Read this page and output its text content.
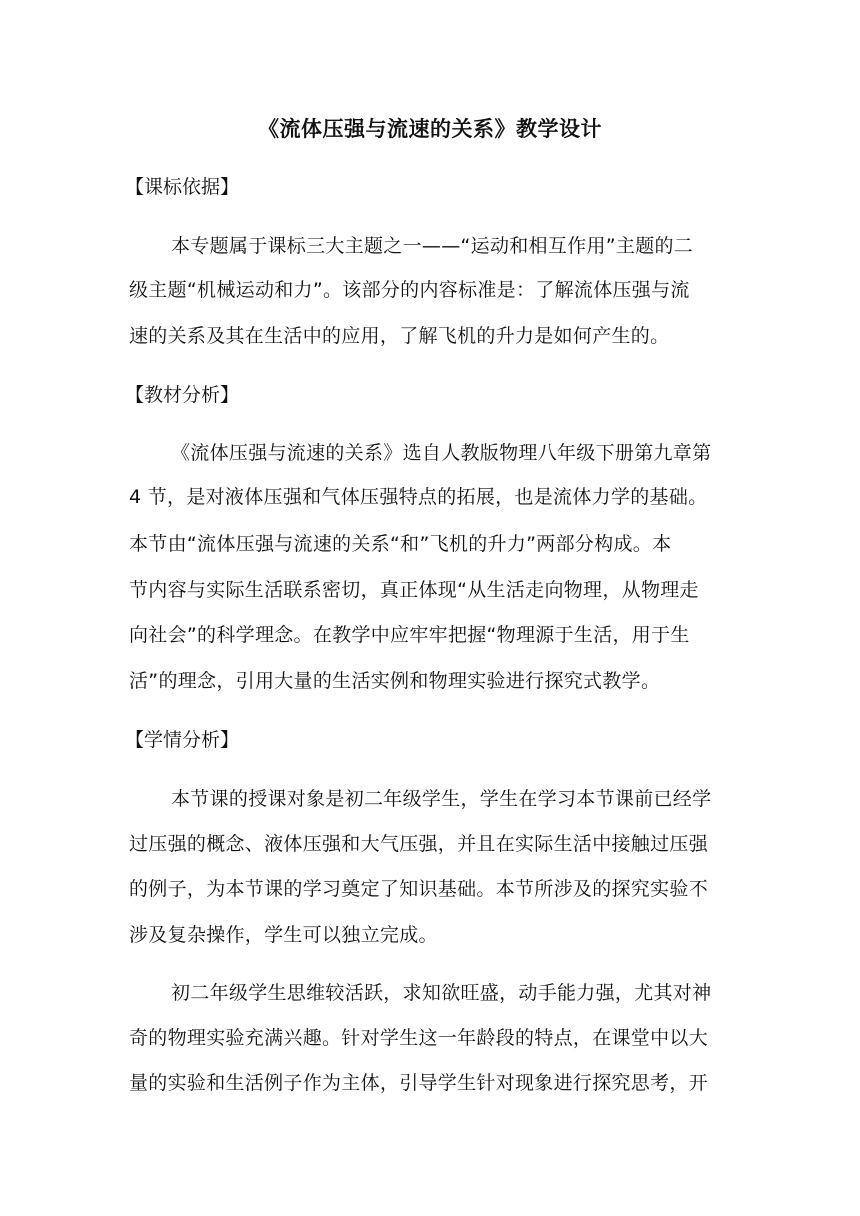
《流体压强与流速的关系》教学设计
【课标依据】
本专题属于课标三大主题之一——“运动和相互作用”主题的二
级主题“机械运动和力”。该部分的内容标准是：了解流体压强与流
速的关系及其在生活中的应用，了解飞机的升力是如何产生的。
【教材分析】
《流体压强与流速的关系》选自人教版物理八年级下册第九章第
4 节，是对液体压强和气体压强特点的拓展，也是流体力学的基础。
本节由“流体压强与流速的关系“和”飞机的升力”两部分构成。本
节内容与实际生活联系密切，真正体现“从生活走向物理，从物理走
向社会”的科学理念。在教学中应牢牢把握“物理源于生活，用于生
活”的理念，引用大量的生活实例和物理实验进行探究式教学。
【学情分析】
本节课的授课对象是初二年级学生，学生在学习本节课前已经学
过压强的概念、液体压强和大气压强，并且在实际生活中接触过压强
的例子，为本节课的学习奠定了知识基础。本节所涉及的探究实验不
涉及复杂操作，学生可以独立完成。
初二年级学生思维较活跃，求知欲旺盛，动手能力强，尤其对神
奇的物理实验充满兴趣。针对学生这一年龄段的特点，在课堂中以大
量的实验和生活例子作为主体，引导学生针对现象进行探究思考，开
